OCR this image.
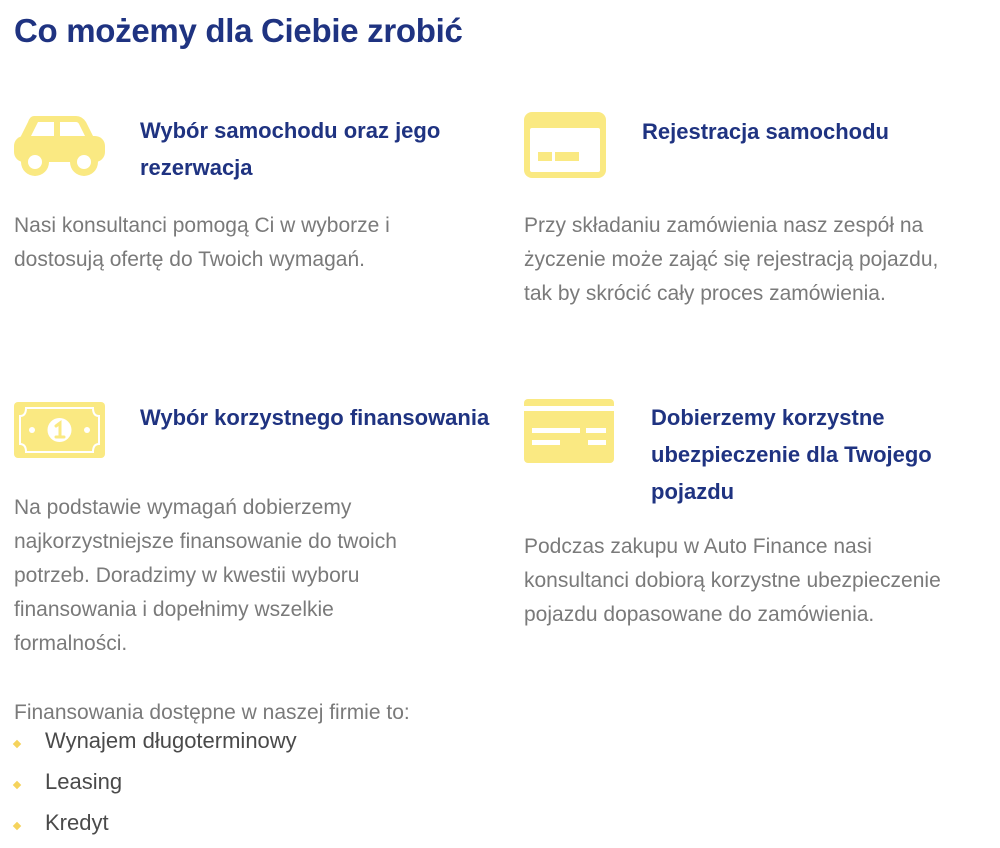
Co możemy dla Ciebie zrobić
Wybór samochodu oraz jego
rezerwacja

Nasi konsultanci pomogą Ci w wyborze i
dostosują ofertę do Twoich wymagań.

Rejestracja samochodu

Przy składaniu zamówienia nasz zespół na
życzenie może zająć się rejestracją pojazdu,
tak by skrócić cały proces zamówienia.

Wybór korzystnego finansowania

Na podstawie wymagań dobierzemy
najkorzystniejsze finansowanie do twoich
potrzeb. Doradzimy w kwestii wyboru
finansowania i dopełnimy wszelkie
formalności.

Dobierzemy korzystne
ubezpieczenie dla Twojego
pojazdu

Podczas zakupu w Auto Finance nasi
konsultanci dobiorą korzystne ubezpieczenie
pojazdu dopasowane do zamówienia.

Finansowania dostępne w naszej firmie to:

Wynajem długoterminowy
Leasing
Kredyt
